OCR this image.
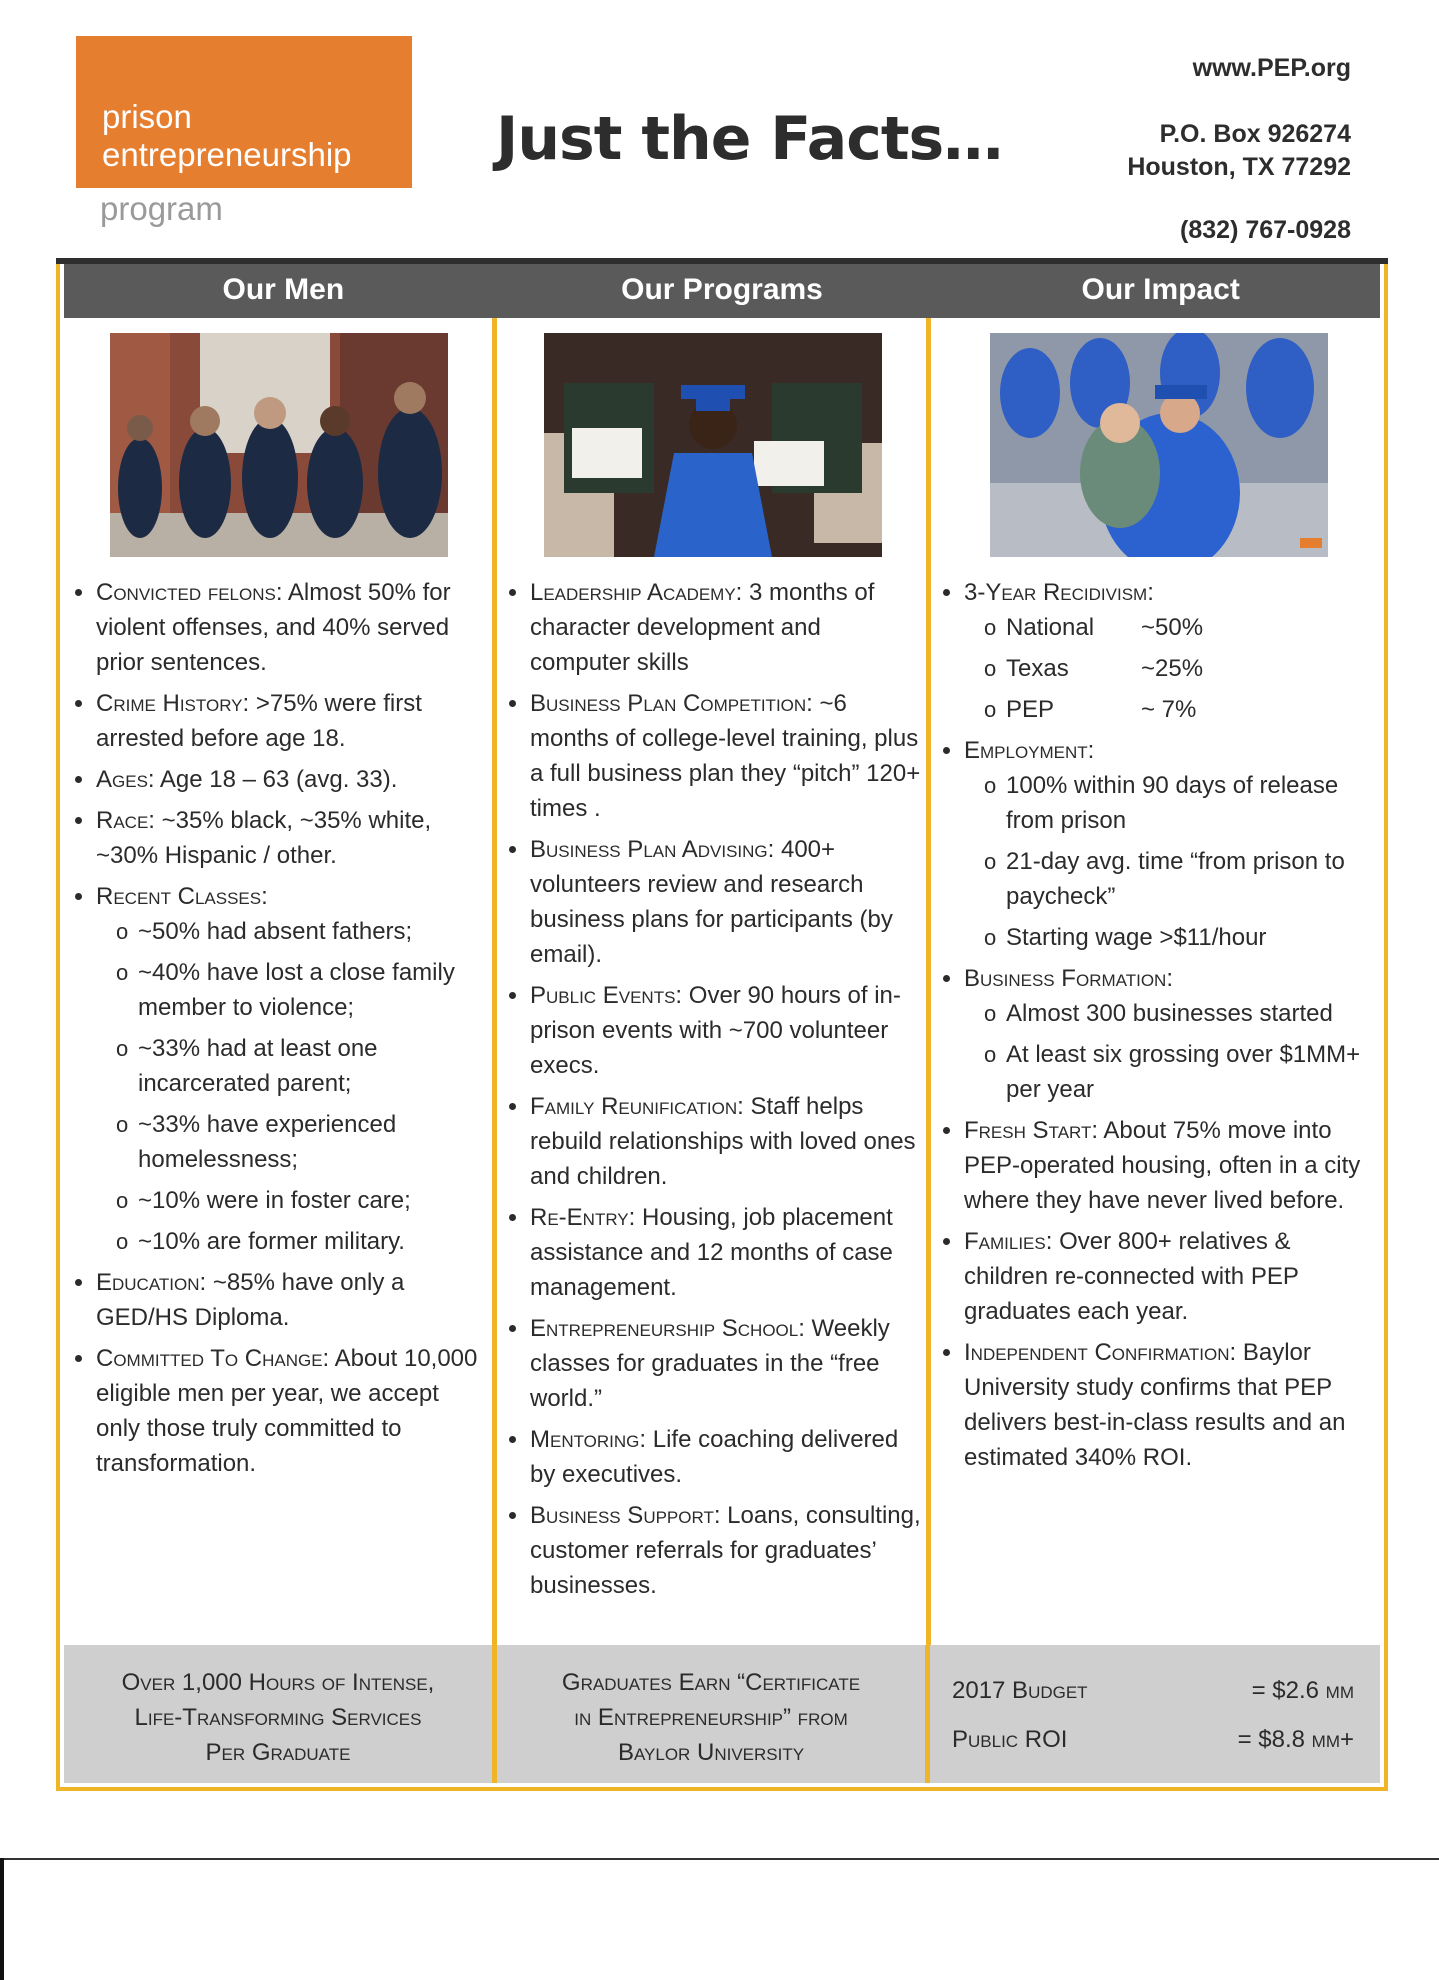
prison
entrepreneurship
program
Just the Facts…
www.PEP.org
P.O. Box 926274
Houston, TX 77292
(832) 767-0928
Our Men	Our Programs	Our Impact
• Convicted felons: Almost 50% for violent offenses, and 40% served prior sentences.
• Crime History: >75% were first arrested before age 18.
• Ages: Age 18 – 63 (avg. 33).
• Race: ~35% black, ~35% white, ~30% Hispanic / other.
• Recent Classes:
o ~50% had absent fathers;
o ~40% have lost a close family member to violence;
o ~33% had at least one incarcerated parent;
o ~33% have experienced homelessness;
o ~10% were in foster care;
o ~10% are former military.
• Education: ~85% have only a GED/HS Diploma.
• Committed To Change: About 10,000 eligible men per year, we accept only those truly committed to transformation.
• Leadership Academy: 3 months of character development and computer skills
• Business Plan Competition: ~6 months of college-level training, plus a full business plan they “pitch” 120+ times .
• Business Plan Advising: 400+ volunteers review and research business plans for participants (by email).
• Public Events: Over 90 hours of in-prison events with ~700 volunteer execs.
• Family Reunification: Staff helps rebuild relationships with loved ones and children.
• Re-Entry: Housing, job placement assistance and 12 months of case management.
• Entrepreneurship School: Weekly classes for graduates in the “free world.”
• Mentoring: Life coaching delivered by executives.
• Business Support: Loans, consulting, customer referrals for graduates’ businesses.
• 3-Year Recidivism:
o National	~50%
o Texas	~25%
o PEP	~ 7%
• Employment:
o 100% within 90 days of release from prison
o 21-day avg. time “from prison to paycheck”
o Starting wage >$11/hour
• Business Formation:
o Almost 300 businesses started
o At least six grossing over $1MM+ per year
• Fresh Start: About 75% move into PEP-operated housing, often in a city where they have never lived before.
• Families: Over 800+ relatives & children re-connected with PEP graduates each year.
• Independent Confirmation: Baylor University study confirms that PEP delivers best-in-class results and an estimated 340% ROI.
Over 1,000 Hours of Intense,
Life-Transforming Services
Per Graduate
Graduates Earn “Certificate
in Entrepreneurship” from
Baylor University
2017 Budget	= $2.6 mm
Public ROI	= $8.8 mm+
